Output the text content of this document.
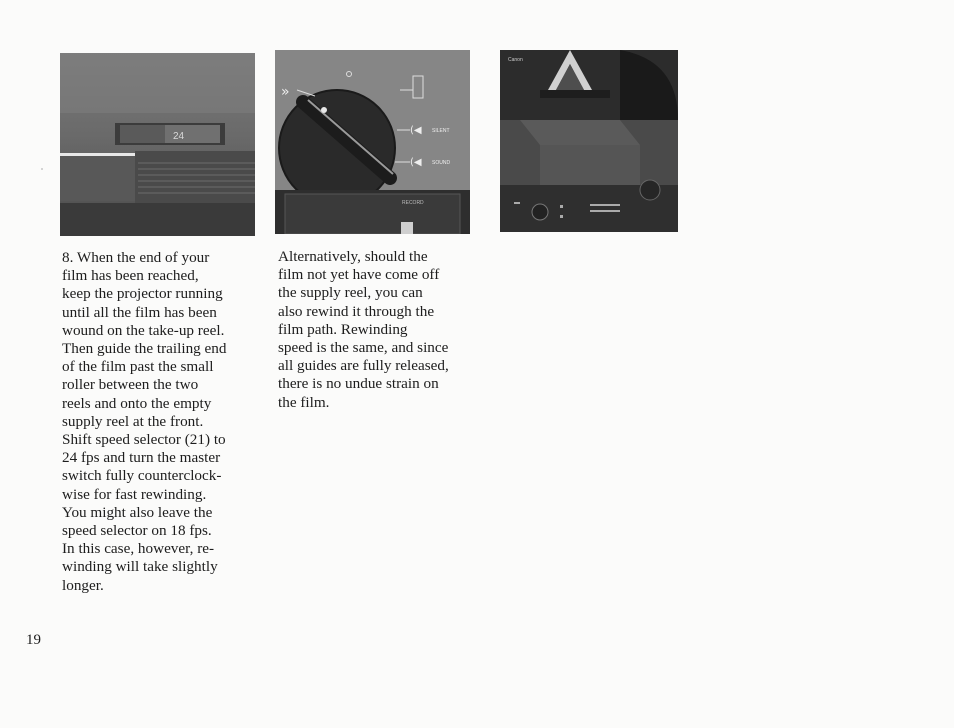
24
»
(◀ SILENT
(◀ SOUND
RECORD
Canon

8. When the end of your
film has been reached,
keep the projector running
until all the film has been
wound on the take-up reel.
Then guide the trailing end
of the film past the small
roller between the two
reels and onto the empty
supply reel at the front.
Shift speed selector (21) to
24 fps and turn the master
switch fully counterclock-
wise for fast rewinding.
You might also leave the
speed selector on 18 fps.
In this case, however, re-
winding will take slightly
longer.

Alternatively, should the
film not yet have come off
the supply reel, you can
also rewind it through the
film path. Rewinding
speed is the same, and since
all guides are fully released,
there is no undue strain on
the film.

19
